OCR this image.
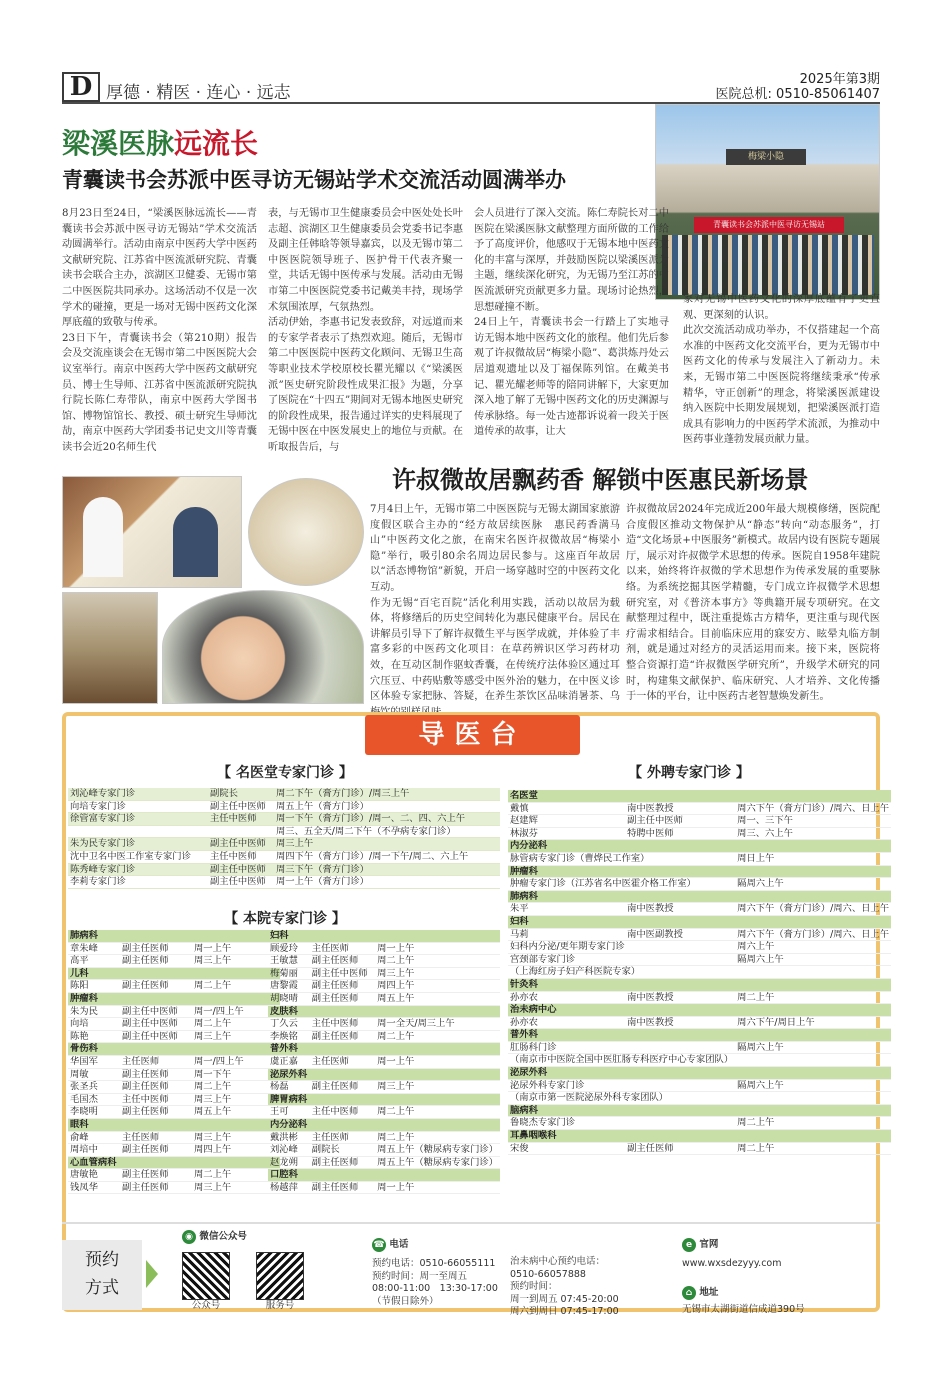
D 厚德 · 精医 · 连心 · 远志
2025年第3期
医院总机: 0510-85061407
梁溪医脉远流长
青囊读书会苏派中医寻访无锡站学术交流活动圆满举办
梅梁小隐
青囊读书会苏派中医寻访无锡站
8月23日至24日，“梁溪医脉远流长——青囊读书会苏派中医寻访无锡站”学术交流活动圆满举行。活动由南京中医药大学中医药文献研究院、江苏省中医流派研究院、青囊读书会联合主办，滨湖区卫健委、无锡市第二中医医院共同承办。这场活动不仅是一次学术的碰撞，更是一场对无锡中医药文化深厚底蕴的致敬与传承。
23日下午，青囊读书会（第210期）报告会及交流座谈会在无锡市第二中医医院大会议室举行。南京中医药大学中医药文献研究员、博士生导师、江苏省中医流派研究院执行院长陈仁寿带队，南京中医药大学图书馆、博物馆馆长、教授、硕士研究生导师沈劼，南京中医药大学团委书记史文川等青囊读书会近20名师生代
表，与无锡市卫生健康委员会中医处处长叶志超、滨湖区卫生健康委员会党委书记李惠及副主任韩晗等领导嘉宾，以及无锡市第二中医医院领导班子、医护骨干代表齐聚一堂，共话无锡中医传承与发展。活动由无锡市第二中医医院党委书记戴美丰持，现场学术氛围浓厚，气氛热烈。
活动伊始，李惠书记发表致辞，对远道而来的专家学者表示了热烈欢迎。随后，无锡市第二中医医院中医药文化顾问、无锡卫生高等职业技术学校原校长瞿光耀以《“梁溪医派”医史研究阶段性成果汇报》为题，分享了医院在“十四五”期间对无锡本地医史研究的阶段性成果，报告通过详实的史料展现了无锡中医在中医发展史上的地位与贡献。在听取报告后，与
会人员进行了深入交流。陈仁寿院长对二中医院在梁溪医脉文献整理方面所做的工作给予了高度评价，他感叹于无锡本地中医药文化的丰富与深厚，并鼓励医院以梁溪医派为主题，继续深化研究，为无锡乃至江苏的中医流派研究贡献更多力量。现场讨论热烈，思想碰撞不断。
24日上午，青囊读书会一行踏上了实地寻访无锡本地中医药文化的旅程。他们先后参观了许叔微故居“梅梁小隐”、葛洪炼丹处云居道观遗址以及丁福保陈列馆。在戴美书记、瞿光耀老师等的陪同讲解下，大家更加深入地了解了无锡中医药文化的历史渊源与传承脉络。每一处古迹都诉说着一段关于医道传承的故事，让大
家对无锡中医药文化的深厚底蕴有了更直观、更深刻的认识。
此次交流活动成功举办，不仅搭建起一个高水准的中医药文化交流平台，更为无锡市中医药文化的传承与发展注入了新动力。未来，无锡市第二中医医院将继续秉承“传承精华，守正创新”的理念，将梁溪医派建设纳入医院中长期发展规划，把梁溪医派打造成具有影响力的中医药学术流派，为推动中医药事业蓬勃发展贡献力量。
许叔微故居飘药香 解锁中医惠民新场景
7月4日上午，无锡市第二中医医院与无锡太湖国家旅游度假区联合主办的“经方故居续医脉　惠民药香满马山”中医药文化之旅，在南宋名医许叔微故居“梅梁小隐”举行，吸引80余名周边居民参与。这座百年故居以“活态博物馆”新貌，开启一场穿越时空的中医药文化互动。
作为无锡“百宅百院”活化利用实践，活动以故居为载体，将修缮后的历史空间转化为惠民健康平台。居民在讲解员引导下了解许叔微生平与医学成就，并体验了丰富多彩的中医药文化项目：在草药辨识区学习药材功效，在互动区制作驱蚊香囊，在传统疗法体验区通过耳穴压豆、中药贴敷等感受中医外治的魅力，在中医义诊区体验专家把脉、答疑，在养生茶饮区品味消暑茶、乌
许叔微故居2024年完成近200年最大规模修缮，医院配合度假区推动文物保护从“静态”转向“动态服务”，打造“文化场景+中医服务”新模式。故居内设有医院专题展厅，展示对许叔微学术思想的传承。医院自1958年建院以来，始终将许叔微的学术思想作为传承发展的重要脉络。为系统挖掘其医学精髓，专门成立许叔微学术思想研究室，对《普济本事方》等典籍开展专项研究。在文献整理过程中，既注重提炼古方精华，更注重与现代医疗需求相结合。目前临床应用的寐安方、眩晕丸临方制剂，就是通过对经方的灵活运用而来。接下来，医院将整合资源打造“许叔微医学研究所”，升级学术研究的同时，构建集文献保护、临床研究、人才培养、文化传播于一体的平台，让中医药古老智慧焕发新生。
导医台
【 名医堂专家门诊 】
刘沁峰专家门诊	副院长	周二下午（膏方门诊）/周三上午
向培专家门诊	副主任中医师	周五上午（膏方门诊）
徐管富专家门诊	主任中医师	周一下午（膏方门诊）/周一、二、四、六上午
		周三、五全天/周二下午（不孕病专家门诊）
朱为民专家门诊	副主任中医师	周三上午
沈中卫名中医工作室专家门诊	主任中医师	周四下午（膏方门诊）/周一下午/周二、六上午
陈秀峰专家门诊	副主任中医师	周三下午（膏方门诊）
李莉专家门诊	副主任中医师	周一上午（膏方门诊）
【 本院专家门诊 】
肺病科		
章朱峰	副主任医师	周一上午
高平	副主任医师	周三上午
儿科		
陈阳	副主任医师	周二上午
肿瘤科		
朱为民	副主任中医师	周一/四上午
向培	副主任中医师	周二上午
陈艳	副主任中医师	周三上午
骨伤科		
华国军	主任医师	周一/四上午
周敏	副主任医师	周一下午
张圣兵	副主任医师	周二上午
毛国杰	主任中医师	周三上午
李晓明	副主任医师	周五上午
眼科		
俞峰	主任医师	周三上午
周培中	副主任医师	周四上午
心血管病科		
唐敏艳	副主任医师	周二上午
钱凤华	副主任医师	周三上午
妇科		
顾爱玲	主任医师	周一上午
王敏慧	副主任医师	周二上午
梅菊丽	副主任中医师	周三上午
唐黎霞	副主任医师	周四上午
胡晓晴	副主任医师	周五上午
皮肤科		
丁久云	主任中医师	周一全天/周三上午
李焕铭	副主任医师	周二上午
普外科		
虞正嘉	主任医师	周一上午
泌尿外科		
杨磊	副主任医师	周三上午
脾胃病科		
王可	主任中医师	周二上午
内分泌科		
戴洪彬	主任医师	周二上午
刘沁峰	副院长	周五上午（糖尿病专家门诊）
赵龙朔	副主任医师	周五上午（糖尿病专家门诊）
口腔科		
杨越萍	副主任医师	周一上午
【 外聘专家门诊 】
名医堂		
戴慎	南中医教授	周六下午（膏方门诊）/周六、日上午
赵建辉	副主任中医师	周一、三下午
林淑芬	特聘中医师	周三、六上午
内分泌科		
脉管病专家门诊（曹烨民工作室）		周日上午
肿瘤科		
肿瘤专家门诊（江苏省名中医霍介格工作室）		隔周六上午
肺病科		
朱平	南中医教授	周六下午（膏方门诊）/周六、日上午
妇科		
马莉	南中医副教授	周六下午（膏方门诊）/周六、日上午
妇科内分泌/更年期专家门诊		周六上午
宫颈部专家门诊		隔周六上午
（上海红房子妇产科医院专家）		
针灸科		
孙亦农	南中医教授	周二上午
治未病中心		
孙亦农	南中医教授	周六下午/周日上午
普外科		
肛肠科门诊		隔周六上午
（南京市中医院全国中医肛肠专科医疗中心专家团队）		
泌尿外科		
泌尿外科专家门诊		隔周六上午
（南京市第一医院泌尿外科专家团队）		
脑病科		
鲁晓杰专家门诊		周二上午
耳鼻咽喉科		
宋俊	副主任医师	周二上午
预约
方式
◉ 微信公众号
公众号	服务号
☎ 电话
预约电话：0510-66055111
预约时间：周一至周五
08:00-11:00　13:30-17:00
（节假日除外）
治未病中心预约电话：
0510-66057888
预约时间：
周一到周五 07:45-20:00
周六到周日 07:45-17:00
e 官网
www.wxsdezyyy.com
⌂ 地址
无锡市太湖街道信成道390号
